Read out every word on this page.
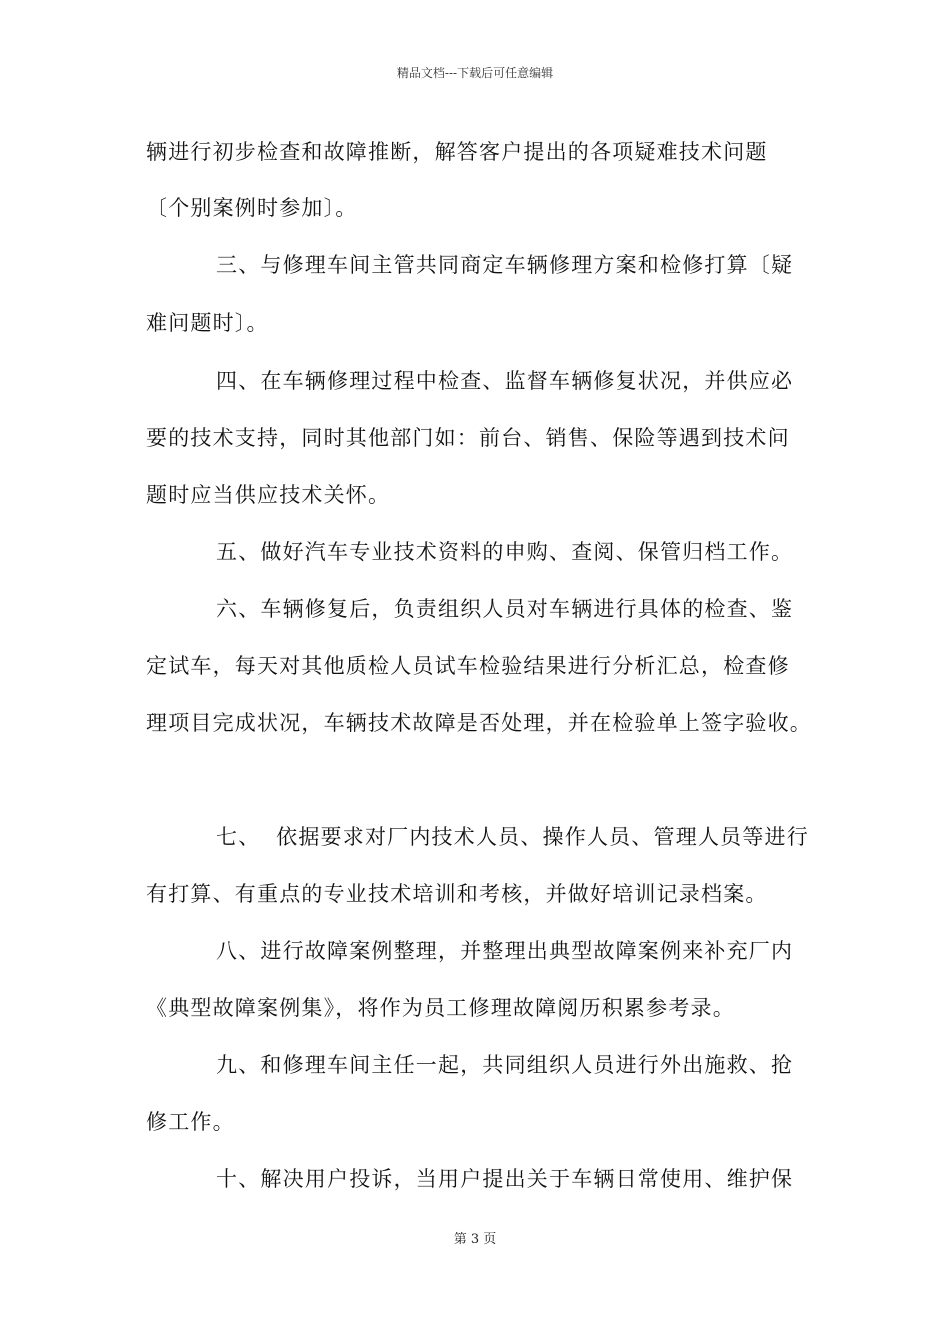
精品文档---下载后可任意编辑
辆进行初步检查和故障推断，解答客户提出的各项疑难技术问题
〔个别案例时参加〕。
三、与修理车间主管共同商定车辆修理方案和检修打算〔疑
难问题时〕。
四、在车辆修理过程中检查、监督车辆修复状况，并供应必
要的技术支持，同时其他部门如：前台、销售、保险等遇到技术问
题时应当供应技术关怀。
五、做好汽车专业技术资料的申购、查阅、保管归档工作。
六、车辆修复后，负责组织人员对车辆进行具体的检查、鉴
定试车，每天对其他质检人员试车检验结果进行分析汇总，检查修
理项目完成状况，车辆技术故障是否处理，并在检验单上签字验收。
七、  依据要求对厂内技术人员、操作人员、管理人员等进行
有打算、有重点的专业技术培训和考核，并做好培训记录档案。
八、进行故障案例整理，并整理出典型故障案例来补充厂内
《典型故障案例集》，将作为员工修理故障阅历积累参考录。
九、和修理车间主任一起，共同组织人员进行外出施救、抢
修工作。
十、解决用户投诉，当用户提出关于车辆日常使用、维护保
第 3 页
